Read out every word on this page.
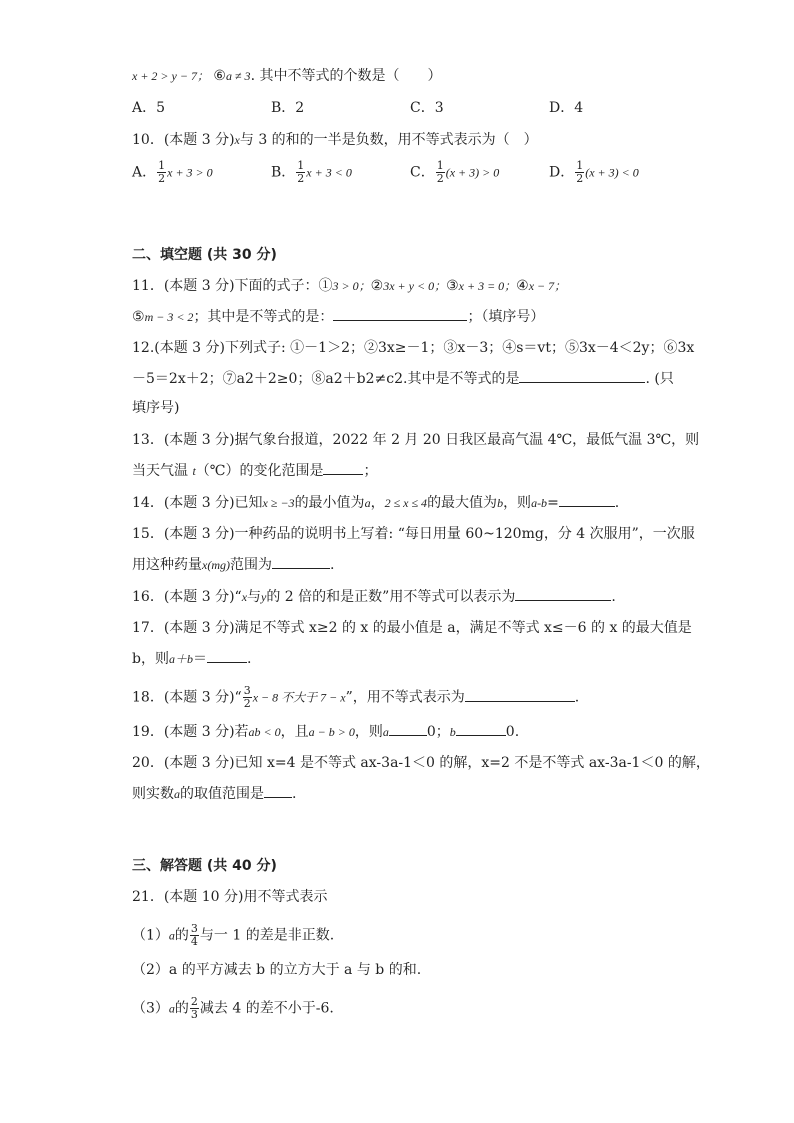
x + 2 > y − 7； ⑥a ≠ 3. 其中不等式的个数是（　　）
A．5	B．2	C．3	D．4
10．(本题 3 分)x与 3 的和的一半是负数，用不等式表示为（　）
A． $\frac{1}{2}$ x + 3 > 0	B． $\frac{1}{2}$ x + 3 < 0	C． $\frac{1}{2} (x + 3) > 0$	D． $\frac{1}{2} (x + 3) < 0$
二、填空题 (共 30 分)
11．(本题 3 分)下面的式子：①3 > 0；②3x + y < 0；③x + 3 = 0；④x − 7；
⑤m − 3 < 2；其中是不等式的是：	；（填序号）
12.(本题 3 分)下列式子: ①－1＞2；②3x≥－1；③x－3；④s＝vt；⑤3x－4＜2y；⑥3x
－5＝2x＋2；⑦a2＋2≥0；⑧a2＋b2≠c2.其中是不等式的是	. (只
填序号)
13．(本题 3 分)据气象台报道，2022 年 2 月 20 日我区最高气温 4℃，最低气温 3℃，则
当天气温 t（℃）的变化范围是	；
14．(本题 3 分)已知x ≥ −3的最小值为a，2 ≤ x ≤ 4的最大值为b，则a-b=	.
15．(本题 3 分)一种药品的说明书上写着: “每日用量 60~120mg，分 4 次服用”，一次服
用这种药量x(mg)范围为	.
16．(本题 3 分)“x与y的 2 倍的和是正数”用不等式可以表示为	.
17．(本题 3 分)满足不等式 x≥2 的 x 的最小值是 a，满足不等式 x≤－6 的 x 的最大值是
b，则a＋b＝	.
18．(本题 3 分)“ $\frac{3}{2}$ x − 8 不大于 7 − x”，用不等式表示为	.
19．(本题 3 分)若ab < 0，且a − b > 0，则a	0；b	0.
20．(本题 3 分)已知 x=4 是不等式 ax-3a-1＜0 的解，x=2 不是不等式 ax-3a-1＜0 的解，
则实数a的取值范围是 .
三、解答题 (共 40 分)
21．(本题 10 分)用不等式表示
（1）a的 $\frac{3}{4}$ 与一 1 的差是非正数.
（2）a 的平方减去 b 的立方大于 a 与 b 的和.
（3）a的 $\frac{2}{3}$ 减去 4 的差不小于-6.
